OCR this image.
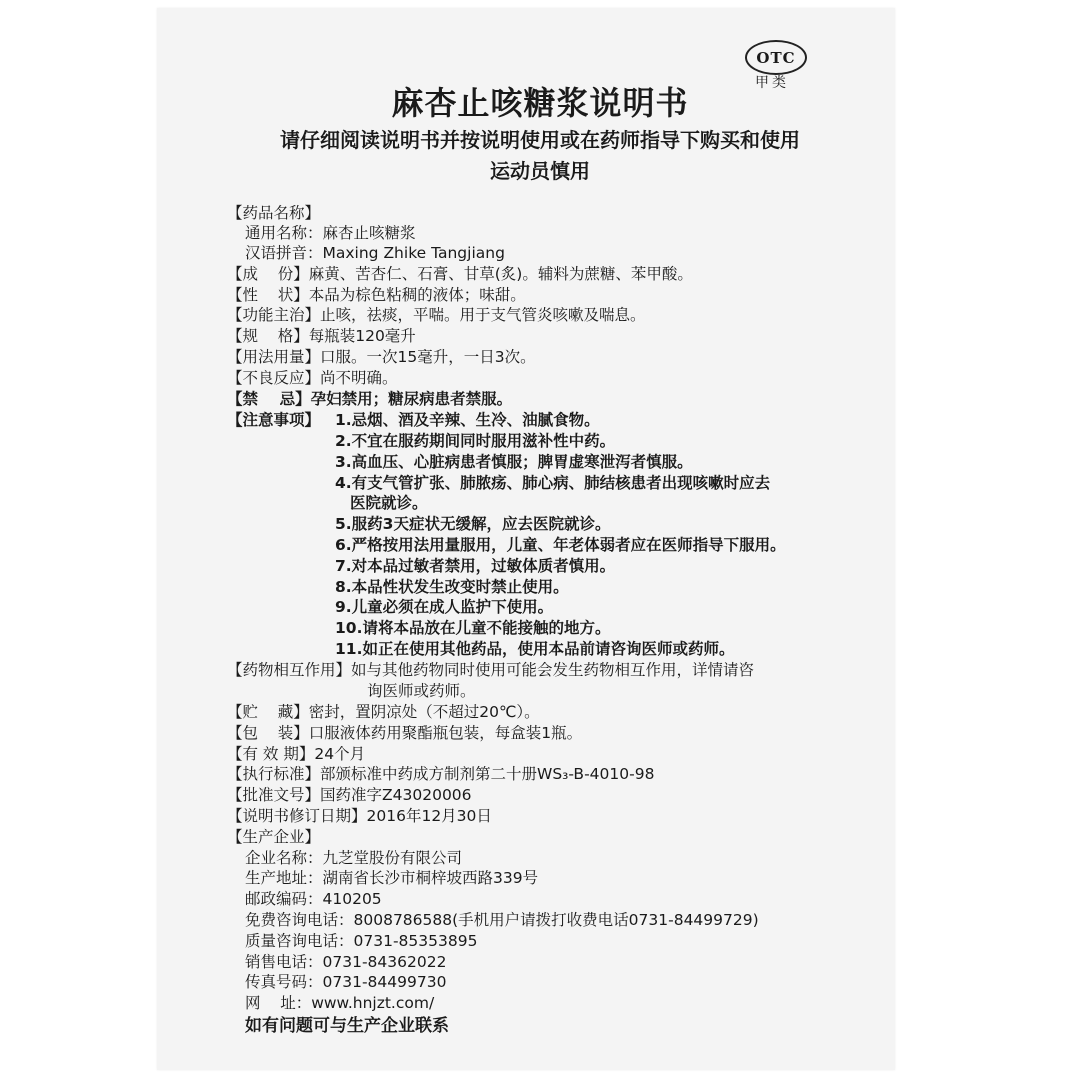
OTC
甲类
麻杏止咳糖浆说明书
请仔细阅读说明书并按说明使用或在药师指导下购买和使用
运动员慎用
【药品名称】
通用名称：麻杏止咳糖浆
汉语拼音：Maxing Zhike Tangjiang
【成    份】麻黄、苦杏仁、石膏、甘草(炙)。辅料为蔗糖、苯甲酸。
【性    状】本品为棕色粘稠的液体；味甜。
【功能主治】止咳，祛痰，平喘。用于支气管炎咳嗽及喘息。
【规    格】每瓶装120毫升
【用法用量】口服。一次15毫升，一日3次。
【不良反应】尚不明确。
【禁    忌】孕妇禁用；糖尿病患者禁服。
【注意事项】 1.忌烟、酒及辛辣、生冷、油腻食物。
2.不宜在服药期间同时服用滋补性中药。
3.高血压、心脏病患者慎服；脾胃虚寒泄泻者慎服。
4.有支气管扩张、肺脓疡、肺心病、肺结核患者出现咳嗽时应去
医院就诊。
5.服药3天症状无缓解，应去医院就诊。
6.严格按用法用量服用，儿童、年老体弱者应在医师指导下服用。
7.对本品过敏者禁用，过敏体质者慎用。
8.本品性状发生改变时禁止使用。
9.儿童必须在成人监护下使用。
10.请将本品放在儿童不能接触的地方。
11.如正在使用其他药品，使用本品前请咨询医师或药师。
【药物相互作用】如与其他药物同时使用可能会发生药物相互作用，详情请咨
询医师或药师。
【贮    藏】密封，置阴凉处（不超过20℃）。
【包    装】口服液体药用聚酯瓶包装，每盒装1瓶。
【有 效 期】24个月
【执行标准】部颁标准中药成方制剂第二十册WS₃-B-4010-98
【批准文号】国药准字Z43020006
【说明书修订日期】2016年12月30日
【生产企业】
企业名称：九芝堂股份有限公司
生产地址：湖南省长沙市桐梓坡西路339号
邮政编码：410205
免费咨询电话：8008786588(手机用户请拨打收费电话0731-84499729)
质量咨询电话：0731-85353895
销售电话：0731-84362022
传真号码：0731-84499730
网    址：www.hnjzt.com/
如有问题可与生产企业联系
